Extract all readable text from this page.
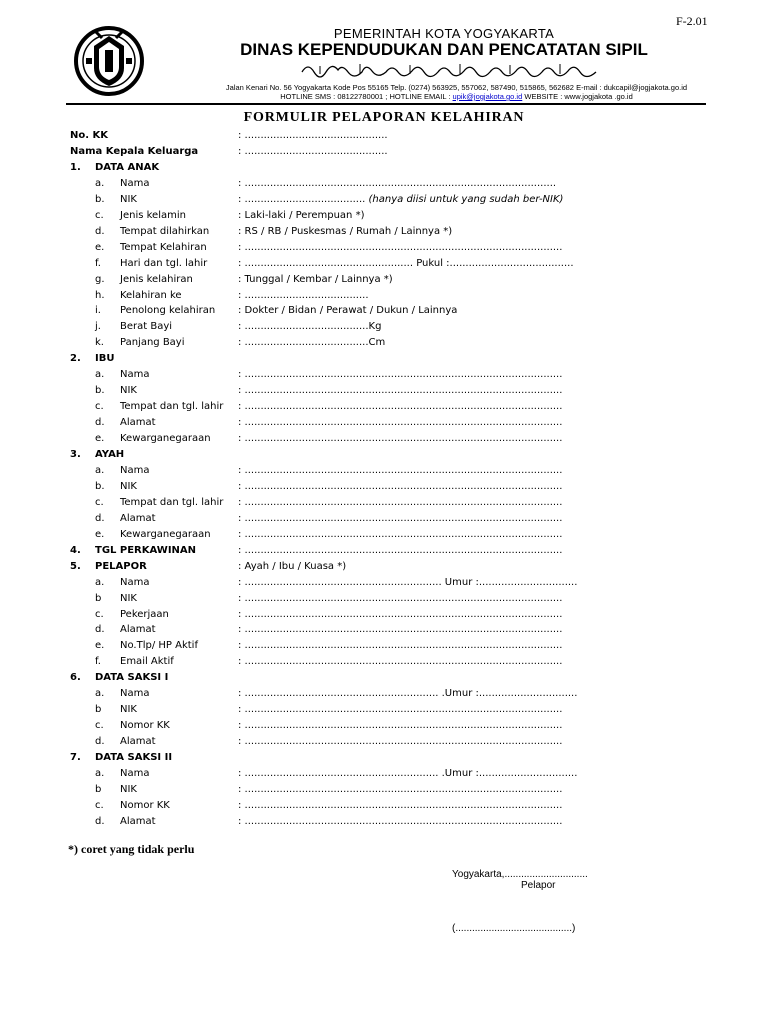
F-2.01
PEMERINTAH KOTA YOGYAKARTA
DINAS KEPENDUDUKAN DAN PENCATATAN SIPIL
Jalan Kenari No. 56 Yogyakarta Kode Pos 55165 Telp. (0274) 563925, 557062, 587490, 515865, 562682 E-mail : dukcapil@jogjakota.go.id
HOTLINE SMS : 08122780001 ; HOTLINE EMAIL : upik@jogjakota.go.id WEBSITE : www.jogjakota .go.id
FORMULIR PELAPORAN KELAHIRAN
No. KK	: .............................................
Nama Kepala Keluarga	: .............................................
1. DATA ANAK
a. Nama	: ..................................................................................................
b. NIK	: ...................................... (hanya diisi untuk yang sudah ber-NIK)
c. Jenis kelamin	: Laki-laki / Perempuan *)
d. Tempat dilahirkan	: RS / RB / Puskesmas / Rumah / Lainnya *)
e. Tempat Kelahiran	: ....................................................................................................
f. Hari dan tgl. lahir	: ..................................................... Pukul :.......................................
g. Jenis kelahiran	: Tunggal / Kembar / Lainnya *)
h. Kelahiran ke	: .......................................
i. Penolong kelahiran : Dokter / Bidan / Perawat / Dukun / Lainnya
j. Berat Bayi	: .......................................Kg
k. Panjang Bayi	: .......................................Cm
2. IBU
a. Nama	: ....................................................................................................
b. NIK	: ....................................................................................................
c. Tempat dan tgl. lahir : ....................................................................................................
d. Alamat	: ....................................................................................................
e. Kewarganegaraan	: ....................................................................................................
3. AYAH
a. Nama	: ....................................................................................................
b. NIK	: ....................................................................................................
c. Tempat dan tgl. lahir : ....................................................................................................
d. Alamat	: ....................................................................................................
e. Kewarganegaraan	: ....................................................................................................
4. TGL PERKAWINAN	: ....................................................................................................
5. PELAPOR	: Ayah / Ibu / Kuasa *)
a. Nama	: .............................................................. Umur :...............................
b NIK	: ....................................................................................................
c. Pekerjaan	: ....................................................................................................
d. Alamat	: ....................................................................................................
e. No.Tlp/ HP Aktif	: ....................................................................................................
f. Email Aktif	: ....................................................................................................
6. DATA SAKSI I
a. Nama	: ............................................................. .Umur :...............................
b NIK	: ....................................................................................................
c. Nomor KK	: ....................................................................................................
d. Alamat	: ....................................................................................................
7. DATA SAKSI II
a. Nama	: ............................................................. .Umur :...............................
b NIK	: ....................................................................................................
c. Nomor KK	: ....................................................................................................
d. Alamat	: ....................................................................................................
*) coret yang tidak perlu
Yogyakarta,..............................
Pelapor
(..........................................)
